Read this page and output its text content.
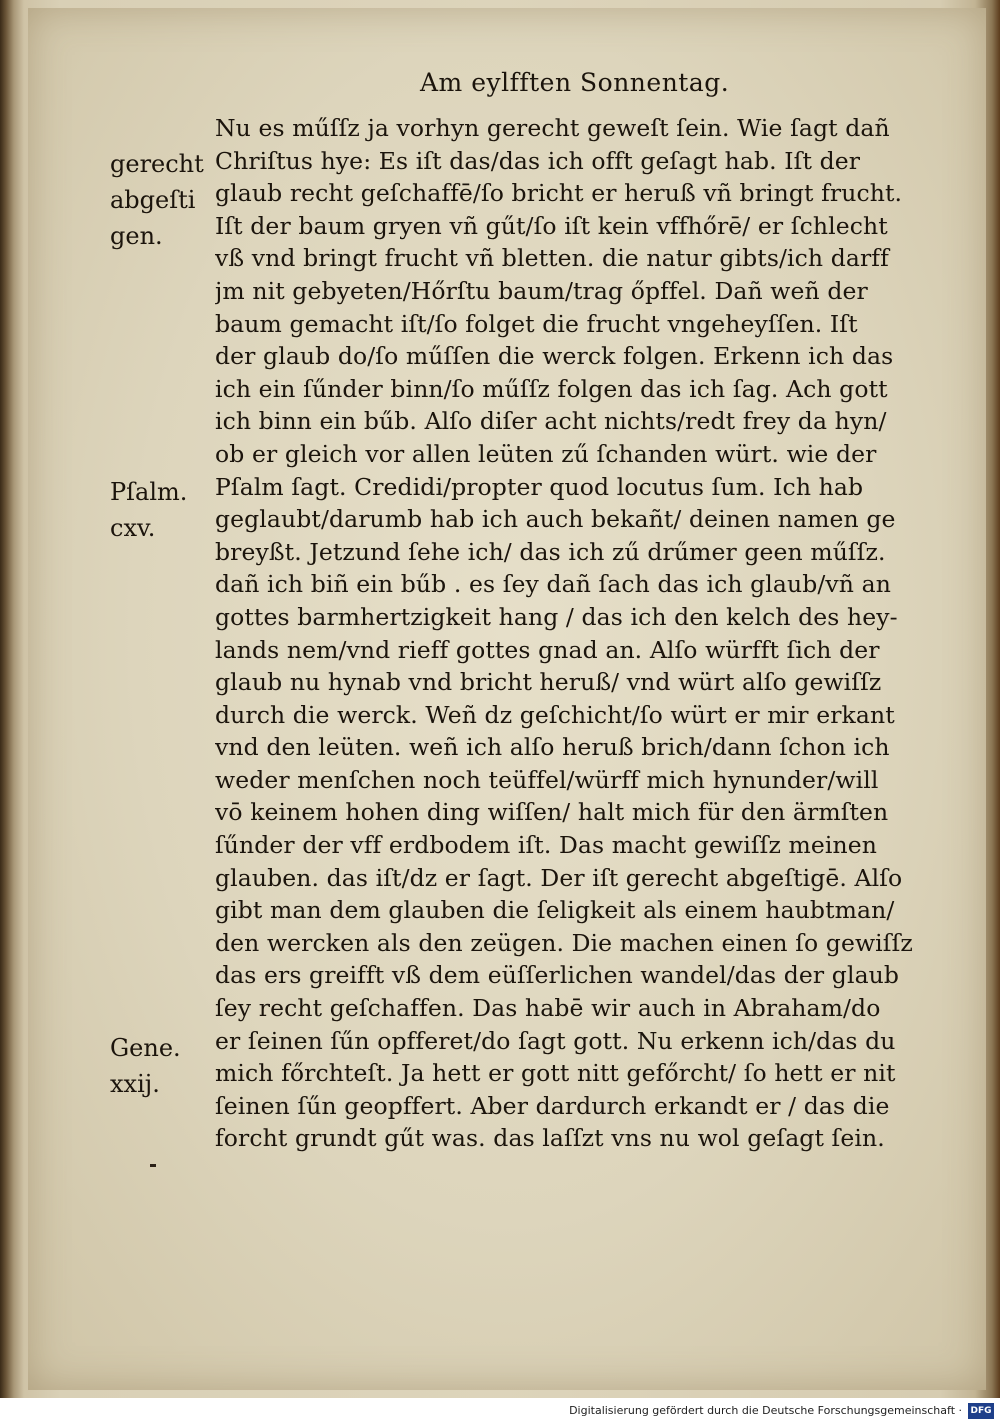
Am eylfften Sonnentag.
gerecht
abgeſti
gen.
Pſalm.
cxv.
Gene.
xxij.
Nu es műſſz ja vorhyn gerecht geweſt ſein. Wie ſagt dañ
Chriſtus hye: Es iſt das/das ich offt geſagt hab. Iſt der
glaub recht geſchaffē/ſo bricht er heruß vñ bringt frucht.
Iſt der baum gryen vñ gűt/ſo iſt kein vffhőrē/ er ſchlecht
vß vnd bringt frucht vñ bletten. die natur gibts/ich darff
jm nit gebyeten/Hőrſtu baum/trag őpffel. Dañ weñ der
baum gemacht iſt/ſo folget die frucht vngeheyſſen. Iſt
der glaub do/ſo műſſen die werck folgen. Erkenn ich das
ich ein ſűnder binn/ſo műſſz folgen das ich ſag. Ach gott
ich binn ein bűb. Alſo diſer acht nichts/redt frey da hyn/
ob er gleich vor allen leüten zű ſchanden würt. wie der
Pſalm ſagt. Credidi/propter quod locutus ſum. Ich hab
geglaubt/darumb hab ich auch bekañt/ deinen namen ge
breyßt. Jetzund ſehe ich/ das ich zű drűmer geen műſſz.
dañ ich biñ ein bűb . es ſey dañ ſach das ich glaub/vñ an
gottes barmhertzigkeit hang / das ich den kelch des hey-
lands nem/vnd rieff gottes gnad an. Alſo würfft ſich der
glaub nu hynab vnd bricht heruß/ vnd würt alſo gewiſſz
durch die werck. Weñ dz geſchicht/ſo würt er mir erkant
vnd den leüten. weñ ich alſo heruß brich/dann ſchon ich
weder menſchen noch teüffel/würff mich hynunder/will
vō keinem hohen ding wiſſen/ halt mich für den ärmſten
ſűnder der vff erdbodem iſt. Das macht gewiſſz meinen
glauben. das iſt/dz er ſagt. Der iſt gerecht abgeſtigē. Alſo
gibt man dem glauben die ſeligkeit als einem haubtman/
den wercken als den zeügen. Die machen einen ſo gewiſſz
das ers greifft vß dem eüſſerlichen wandel/das der glaub
ſey recht geſchaffen. Das habē wir auch in Abraham/do
er ſeinen ſűn opfferet/do ſagt gott. Nu erkenn ich/das du
mich főrchteſt. Ja hett er gott nitt gefőrcht/ ſo hett er nit
ſeinen ſűn geopffert. Aber dardurch erkandt er / das die
forcht grundt gűt was. das laſſzt vns nu wol geſagt ſein.
Digitalisierung gefördert durch die Deutsche Forschungsgemeinschaft · DFG
